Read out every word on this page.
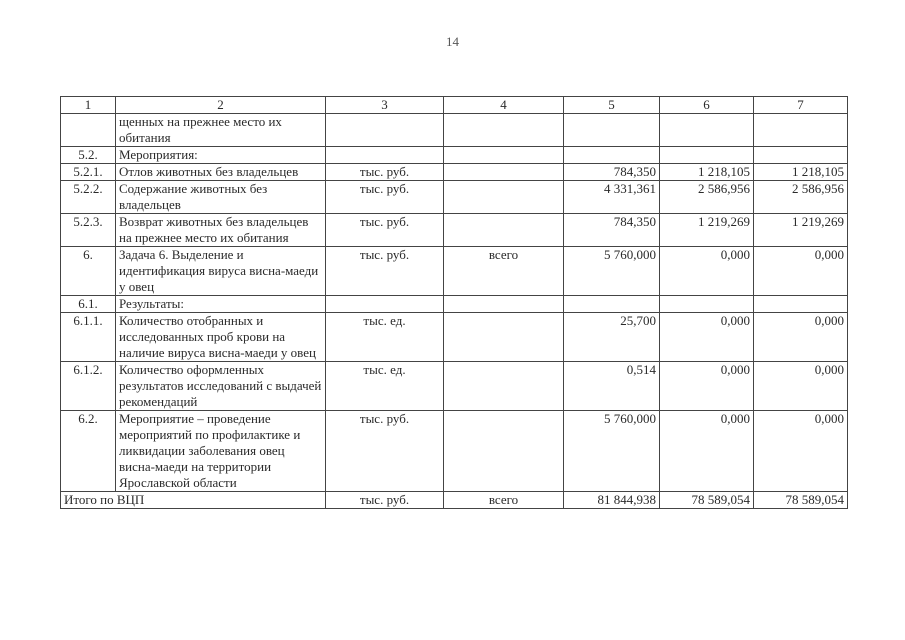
14
1	2	3	4	5	6	7
	щенных на прежнее место их обитания					
5.2.	Мероприятия:					
5.2.1.	Отлов животных без владельцев	тыс. руб.		784,350	1 218,105	1 218,105
5.2.2.	Содержание животных без владельцев	тыс. руб.		4 331,361	2 586,956	2 586,956
5.2.3.	Возврат животных без владельцев на прежнее место их обитания	тыс. руб.		784,350	1 219,269	1 219,269
6.	Задача 6. Выделение и идентификация вируса висна-маеди у овец	тыс. руб.	всего	5 760,000	0,000	0,000
6.1.	Результаты:					
6.1.1.	Количество отобранных и исследованных проб крови на наличие вируса висна-маеди у овец	тыс. ед.		25,700	0,000	0,000
6.1.2.	Количество оформленных результатов исследований с выдачей рекомендаций	тыс. ед.		0,514	0,000	0,000
6.2.	Мероприятие – проведение мероприятий по профилактике и ликвидации заболевания овец висна-маеди на территории Ярославской области	тыс. руб.		5 760,000	0,000	0,000
Итого по ВЦП		тыс. руб.	всего	81 844,938	78 589,054	78 589,054
